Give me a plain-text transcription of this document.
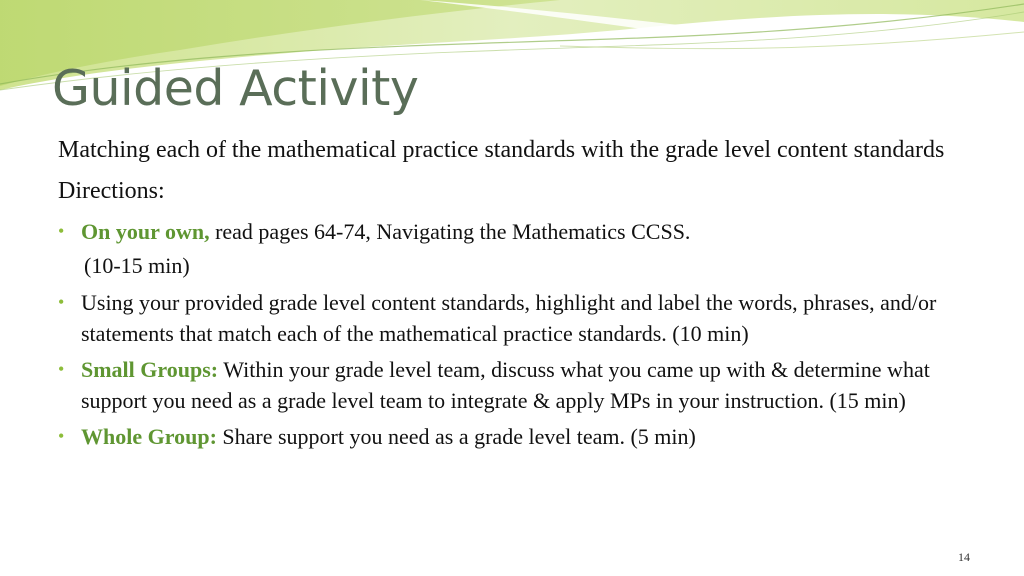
Guided Activity

Matching each of the mathematical practice standards with the grade level content standards

Directions:

• On your own, read pages 64-74, Navigating the Mathematics CCSS.
(10-15 min)
• Using your provided grade level content standards, highlight and label the words, phrases, and/or statements that match each of the mathematical practice standards. (10 min)
• Small Groups: Within your grade level team, discuss what you came up with & determine what support you need as a grade level team to integrate & apply MPs in your instruction. (15 min)
• Whole Group: Share support you need as a grade level team. (5 min)
14
